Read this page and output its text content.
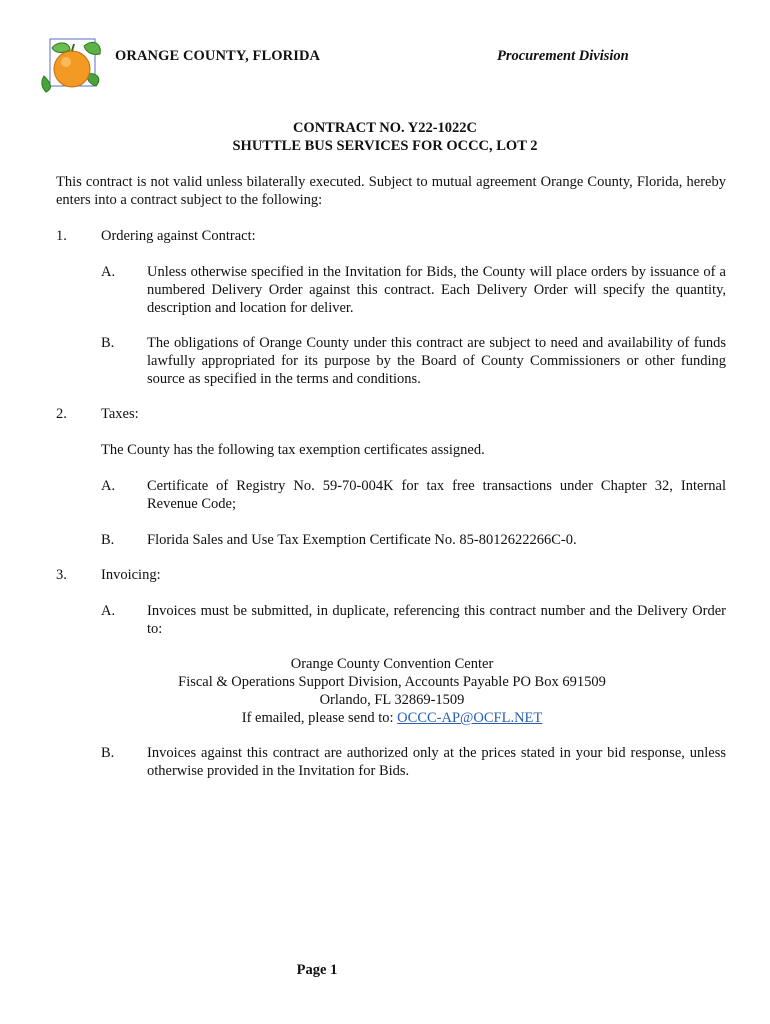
ORANGE COUNTY, FLORIDA	Procurement Division
CONTRACT NO. Y22-1022C
SHUTTLE BUS SERVICES FOR OCCC, LOT 2
This contract is not valid unless bilaterally executed. Subject to mutual agreement Orange County, Florida, hereby enters into a contract subject to the following:
1. Ordering against Contract:
A. Unless otherwise specified in the Invitation for Bids, the County will place orders by issuance of a numbered Delivery Order against this contract. Each Delivery Order will specify the quantity, description and location for deliver.
B. The obligations of Orange County under this contract are subject to need and availability of funds lawfully appropriated for its purpose by the Board of County Commissioners or other funding source as specified in the terms and conditions.
2. Taxes:
The County has the following tax exemption certificates assigned.
A. Certificate of Registry No. 59-70-004K for tax free transactions under Chapter 32, Internal Revenue Code;
B. Florida Sales and Use Tax Exemption Certificate No. 85-8012622266C-0.
3. Invoicing:
A. Invoices must be submitted, in duplicate, referencing this contract number and the Delivery Order to:
Orange County Convention Center
Fiscal & Operations Support Division, Accounts Payable PO Box 691509
Orlando, FL 32869-1509
If emailed, please send to: OCCC-AP@OCFL.NET
B. Invoices against this contract are authorized only at the prices stated in your bid response, unless otherwise provided in the Invitation for Bids.
Page 1
